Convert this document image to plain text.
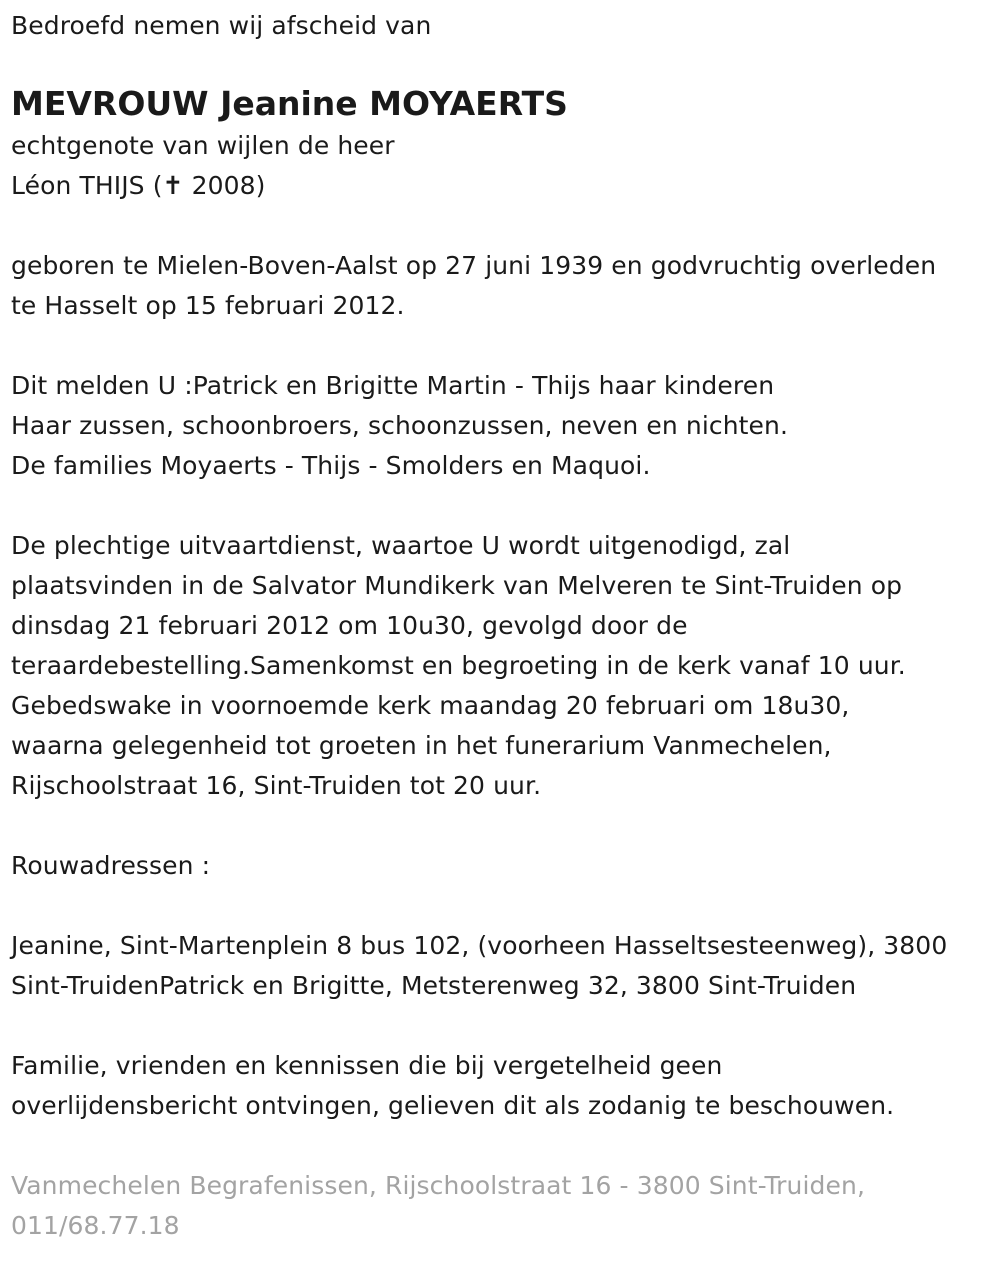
Bedroefd nemen wij afscheid van
MEVROUW Jeanine MOYAERTS
echtgenote van wijlen de heer
Léon THIJS (✝ 2008)
geboren te Mielen-Boven-Aalst op 27 juni 1939 en godvruchtig overleden
te Hasselt op 15 februari 2012.
Dit melden U :Patrick en Brigitte Martin - Thijs haar kinderen
Haar zussen, schoonbroers, schoonzussen, neven en nichten.
De families Moyaerts - Thijs - Smolders en Maquoi.
De plechtige uitvaartdienst, waartoe U wordt uitgenodigd, zal
plaatsvinden in de Salvator Mundikerk van Melveren te Sint-Truiden op
dinsdag 21 februari 2012 om 10u30, gevolgd door de
teraardebestelling.Samenkomst en begroeting in de kerk vanaf 10 uur.
Gebedswake in voornoemde kerk maandag 20 februari om 18u30,
waarna gelegenheid tot groeten in het funerarium Vanmechelen,
Rijschoolstraat 16, Sint-Truiden tot 20 uur.
Rouwadressen :
Jeanine, Sint-Martenplein 8 bus 102, (voorheen Hasseltsesteenweg), 3800
Sint-TruidenPatrick en Brigitte, Metsterenweg 32, 3800 Sint-Truiden
Familie, vrienden en kennissen die bij vergetelheid geen
overlijdensbericht ontvingen, gelieven dit als zodanig te beschouwen.
Vanmechelen Begrafenissen, Rijschoolstraat 16 - 3800 Sint-Truiden,
011/68.77.18
